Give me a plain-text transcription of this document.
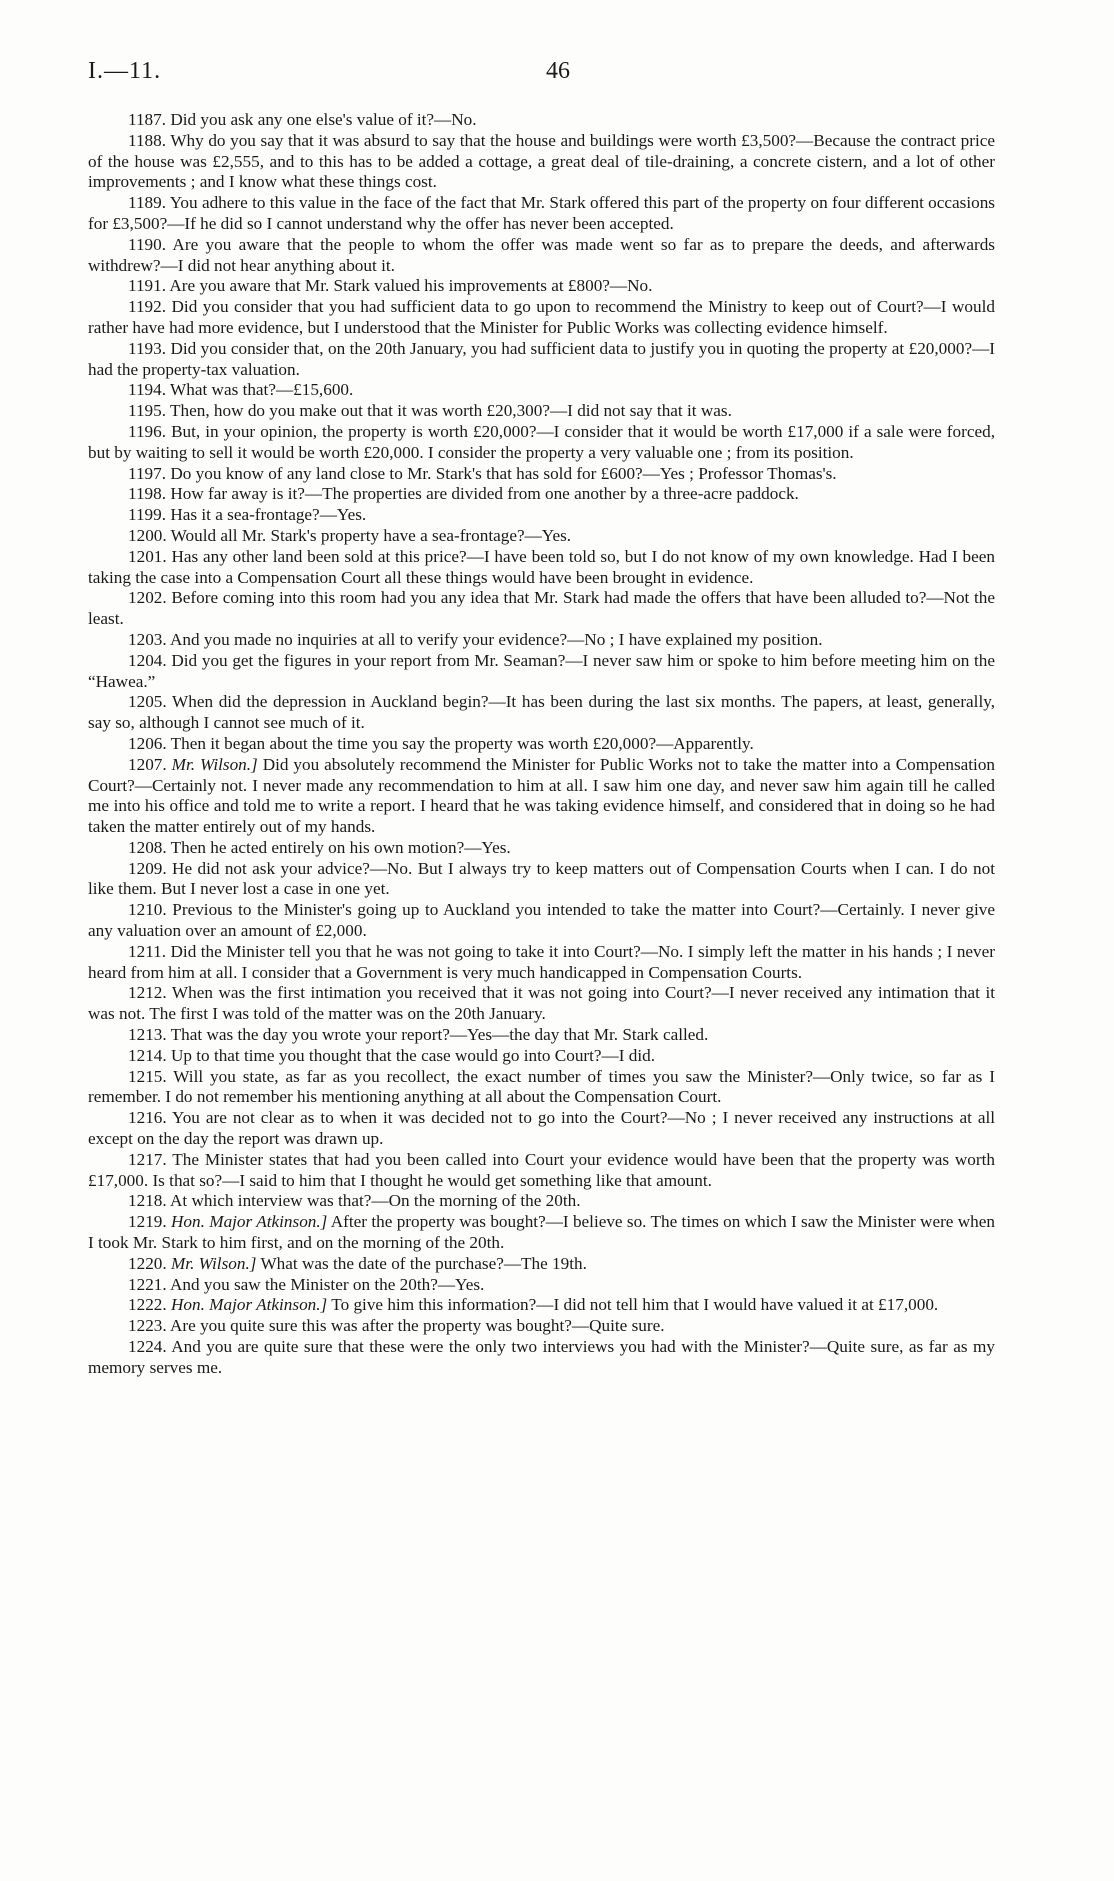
I.—11.	46

1187. Did you ask any one else's value of it?—No.

1188. Why do you say that it was absurd to say that the house and buildings were worth £3,500?—Because the contract price of the house was £2,555, and to this has to be added a cottage, a great deal of tile-draining, a concrete cistern, and a lot of other improvements ; and I know what these things cost.

1189. You adhere to this value in the face of the fact that Mr. Stark offered this part of the property on four different occasions for £3,500?—If he did so I cannot understand why the offer has never been accepted.

1190. Are you aware that the people to whom the offer was made went so far as to prepare the deeds, and afterwards withdrew?—I did not hear anything about it.

1191. Are you aware that Mr. Stark valued his improvements at £800?—No.

1192. Did you consider that you had sufficient data to go upon to recommend the Ministry to keep out of Court?—I would rather have had more evidence, but I understood that the Minister for Public Works was collecting evidence himself.

1193. Did you consider that, on the 20th January, you had sufficient data to justify you in quoting the property at £20,000?—I had the property-tax valuation.

1194. What was that?—£15,600.

1195. Then, how do you make out that it was worth £20,300?—I did not say that it was.

1196. But, in your opinion, the property is worth £20,000?—I consider that it would be worth £17,000 if a sale were forced, but by waiting to sell it would be worth £20,000. I consider the property a very valuable one ; from its position.

1197. Do you know of any land close to Mr. Stark's that has sold for £600?—Yes ; Professor Thomas's.

1198. How far away is it?—The properties are divided from one another by a three-acre paddock.

1199. Has it a sea-frontage?—Yes.

1200. Would all Mr. Stark's property have a sea-frontage?—Yes.

1201. Has any other land been sold at this price?—I have been told so, but I do not know of my own knowledge. Had I been taking the case into a Compensation Court all these things would have been brought in evidence.

1202. Before coming into this room had you any idea that Mr. Stark had made the offers that have been alluded to?—Not the least.

1203. And you made no inquiries at all to verify your evidence?—No ; I have explained my position.

1204. Did you get the figures in your report from Mr. Seaman?—I never saw him or spoke to him before meeting him on the “Hawea.”

1205. When did the depression in Auckland begin?—It has been during the last six months. The papers, at least, generally, say so, although I cannot see much of it.

1206. Then it began about the time you say the property was worth £20,000?—Apparently.

1207. Mr. Wilson.] Did you absolutely recommend the Minister for Public Works not to take the matter into a Compensation Court?—Certainly not. I never made any recommendation to him at all. I saw him one day, and never saw him again till he called me into his office and told me to write a report. I heard that he was taking evidence himself, and considered that in doing so he had taken the matter entirely out of my hands.

1208. Then he acted entirely on his own motion?—Yes.

1209. He did not ask your advice?—No. But I always try to keep matters out of Compensation Courts when I can. I do not like them. But I never lost a case in one yet.

1210. Previous to the Minister's going up to Auckland you intended to take the matter into Court?—Certainly. I never give any valuation over an amount of £2,000.

1211. Did the Minister tell you that he was not going to take it into Court?—No. I simply left the matter in his hands ; I never heard from him at all. I consider that a Government is very much handicapped in Compensation Courts.

1212. When was the first intimation you received that it was not going into Court?—I never received any intimation that it was not. The first I was told of the matter was on the 20th January.

1213. That was the day you wrote your report?—Yes—the day that Mr. Stark called.

1214. Up to that time you thought that the case would go into Court?—I did.

1215. Will you state, as far as you recollect, the exact number of times you saw the Minister?—Only twice, so far as I remember. I do not remember his mentioning anything at all about the Compensation Court.

1216. You are not clear as to when it was decided not to go into the Court?—No ; I never received any instructions at all except on the day the report was drawn up.

1217. The Minister states that had you been called into Court your evidence would have been that the property was worth £17,000. Is that so?—I said to him that I thought he would get something like that amount.

1218. At which interview was that?—On the morning of the 20th.

1219. Hon. Major Atkinson.] After the property was bought?—I believe so. The times on which I saw the Minister were when I took Mr. Stark to him first, and on the morning of the 20th.

1220. Mr. Wilson.] What was the date of the purchase?—The 19th.

1221. And you saw the Minister on the 20th?—Yes.

1222. Hon. Major Atkinson.] To give him this information?—I did not tell him that I would have valued it at £17,000.

1223. Are you quite sure this was after the property was bought?—Quite sure.

1224. And you are quite sure that these were the only two interviews you had with the Minister?—Quite sure, as far as my memory serves me.
